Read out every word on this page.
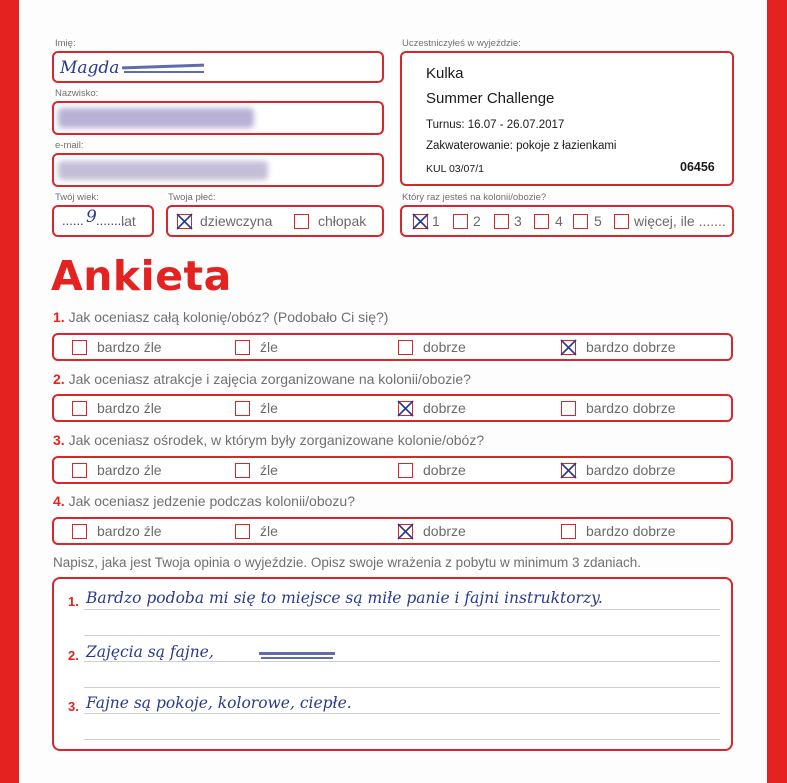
Imię:
Magda
Nazwisko:
e-mail:
Twój wiek:
...... 9 ........
lat
Twoja płeć:
dziewczyna	chłopak
Uczestniczyłeś w wyjeździe:
Kulka
Summer Challenge
Turnus: 16.07 - 26.07.2017
Zakwaterowanie: pokoje z łazienkami
KUL 03/07/1	06456
Który raz jesteś na kolonii/obozie?
1 2 3 4 5 więcej, ile .......
Ankieta
1. Jak oceniasz całą kolonię/obóz? (Podobało Ci się?)
bardzo źle	źle	dobrze	bardzo dobrze
2. Jak oceniasz atrakcje i zajęcia zorganizowane na kolonii/obozie?
bardzo źle	źle	dobrze	bardzo dobrze
3. Jak oceniasz ośrodek, w którym były zorganizowane kolonie/obóz?
bardzo źle	źle	dobrze	bardzo dobrze
4. Jak oceniasz jedzenie podczas kolonii/obozu?
bardzo źle	źle	dobrze	bardzo dobrze
Napisz, jaka jest Twoja opinia o wyjeździe. Opisz swoje wrażenia z pobytu w minimum 3 zdaniach.
1. Bardzo podoba mi się to miejsce są miłe panie i fajni instruktorzy.
2. Zajęcia są fajne,
3. Fajne są pokoje, kolorowe, ciepłe.
